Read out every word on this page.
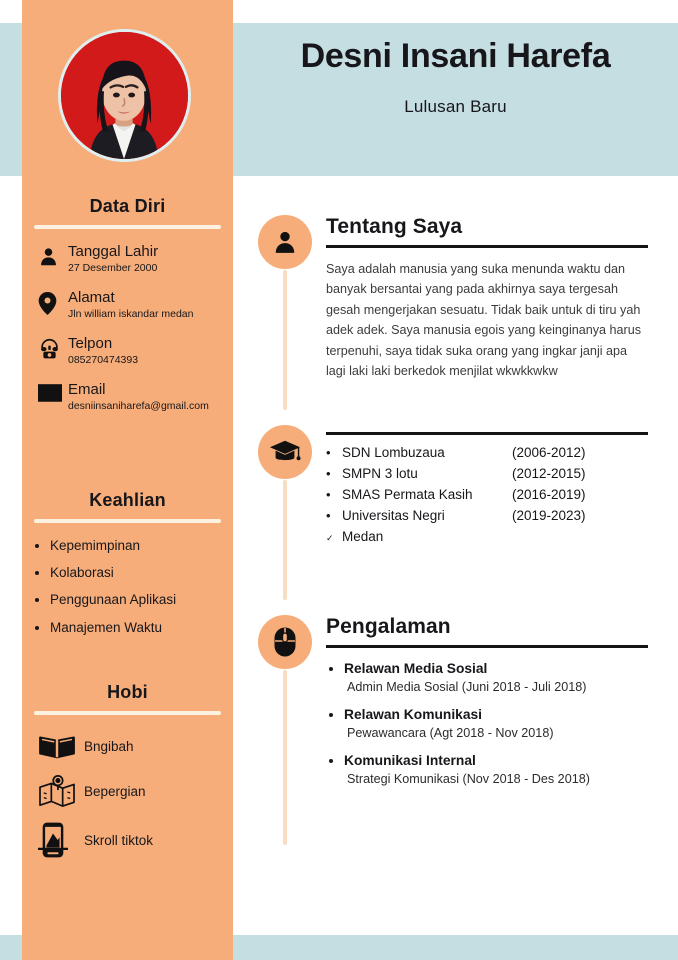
Desni Insani Harefa
Lulusan Baru
Data Diri
Tanggal Lahir
27 Desember 2000
Alamat
Jln william iskandar medan
Telpon
085270474393
Email
desniinsaniharefa@gmail.com
Keahlian
• Kepemimpinan
• Kolaborasi
• Penggunaan Aplikasi
• Manajemen Waktu
Hobi
Bngibah
Bepergian
Skroll tiktok
Tentang Saya
Saya adalah manusia yang suka menunda waktu dan banyak bersantai yang pada akhirnya saya tergesah gesah mengerjakan sesuatu. Tidak baik untuk di tiru yah adek adek. Saya manusia egois yang keinginanya harus terpenuhi, saya tidak suka orang yang ingkar janji apa lagi laki laki berkedok menjilat wkwkkwkw
• SDN Lombuzaua	(2006-2012)
• SMPN 3 lotu	(2012-2015)
• SMAS Permata Kasih	(2016-2019)
• Universitas Negri	(2019-2023)
✓ Medan
Pengalaman
• Relawan Media Sosial
Admin Media Sosial (Juni 2018 - Juli 2018)
• Relawan Komunikasi
Pewawancara (Agt 2018 - Nov 2018)
• Komunikasi Internal
Strategi Komunikasi (Nov 2018 - Des 2018)
